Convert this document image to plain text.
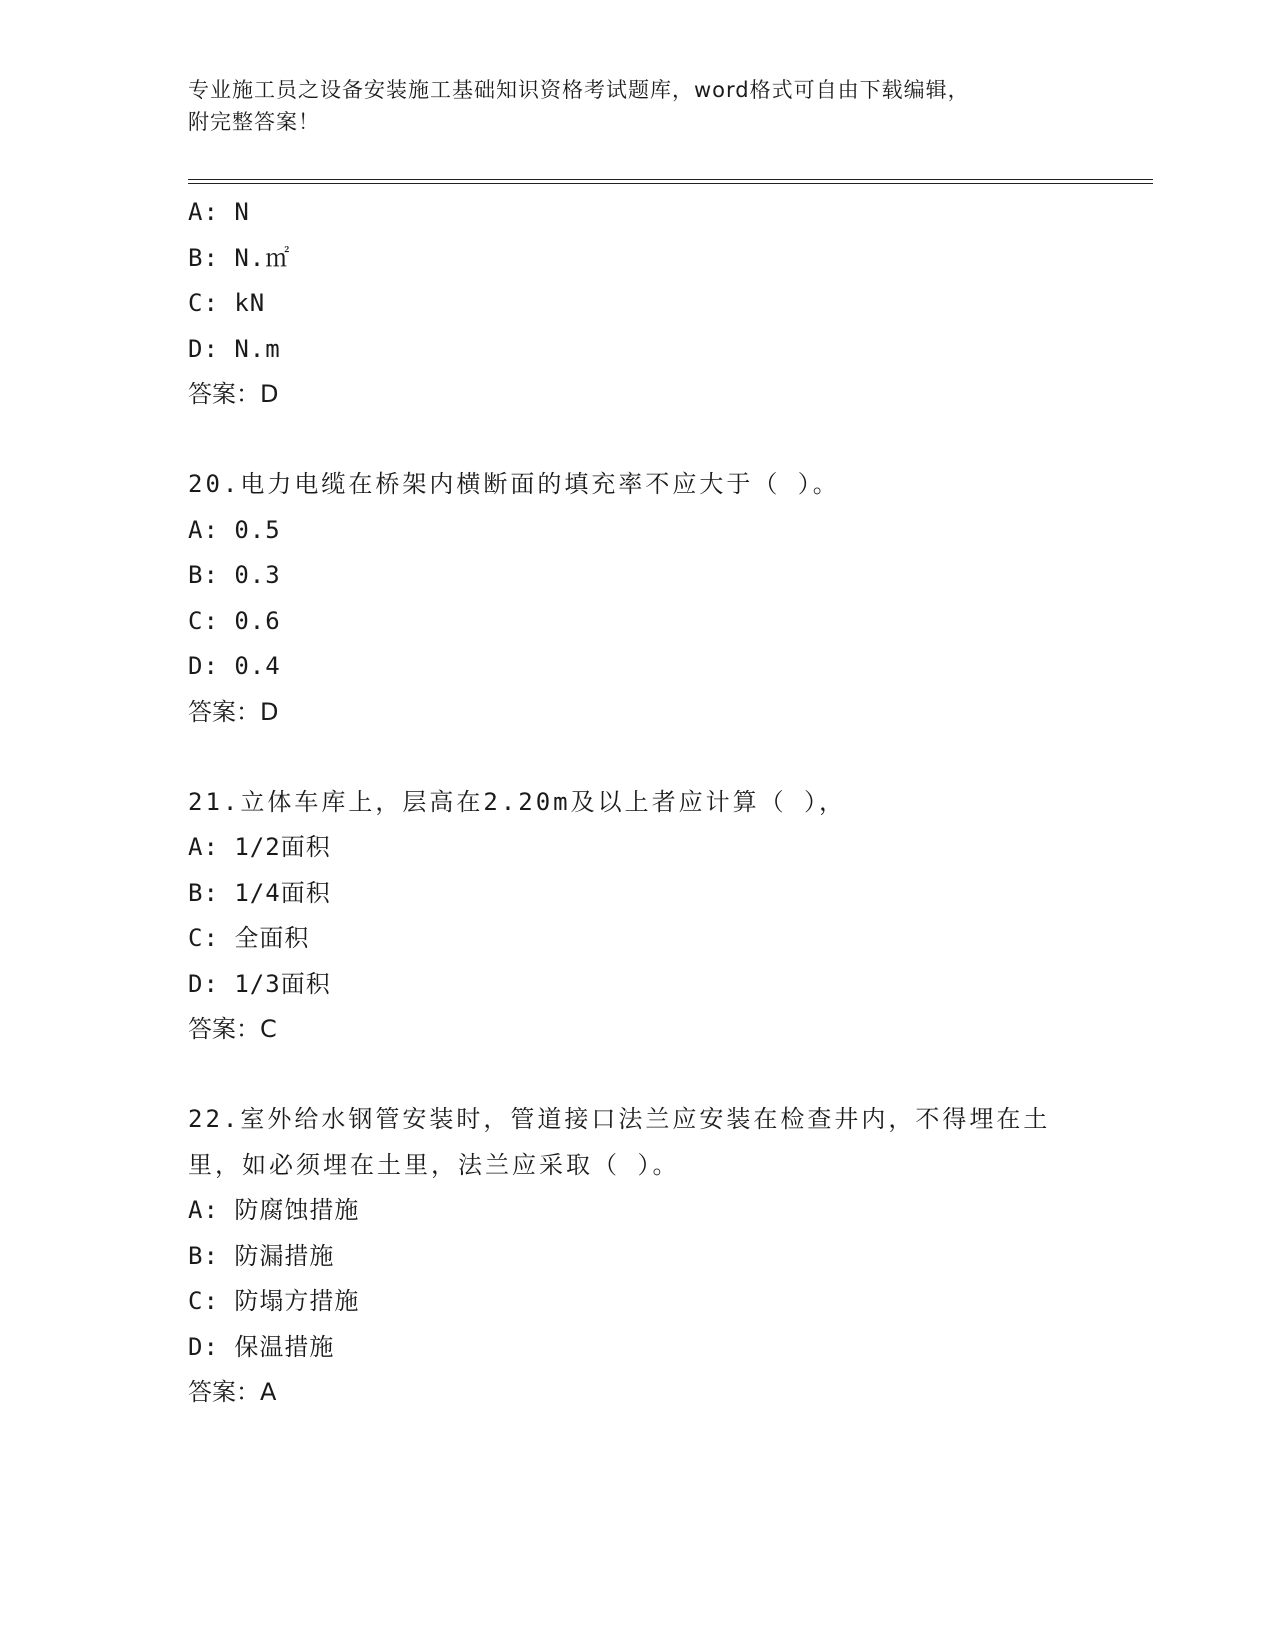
专业施工员之设备安装施工基础知识资格考试题库，word格式可自由下载编辑，
附完整答案！
A: N
B: N.㎡
C: kN
D: N.m
答案：D
20.电力电缆在桥架内横断面的填充率不应大于（ ）。
A: 0.5
B: 0.3
C: 0.6
D: 0.4
答案：D
21.立体车库上，层高在2.20m及以上者应计算（ ），
A: 1/2面积
B: 1/4面积
C: 全面积
D: 1/3面积
答案：C
22.室外给水钢管安装时，管道接口法兰应安装在检查井内，不得埋在土里，如必须埋在土里，法兰应采取（ ）。
A: 防腐蚀措施
B: 防漏措施
C: 防塌方措施
D: 保温措施
答案：A
